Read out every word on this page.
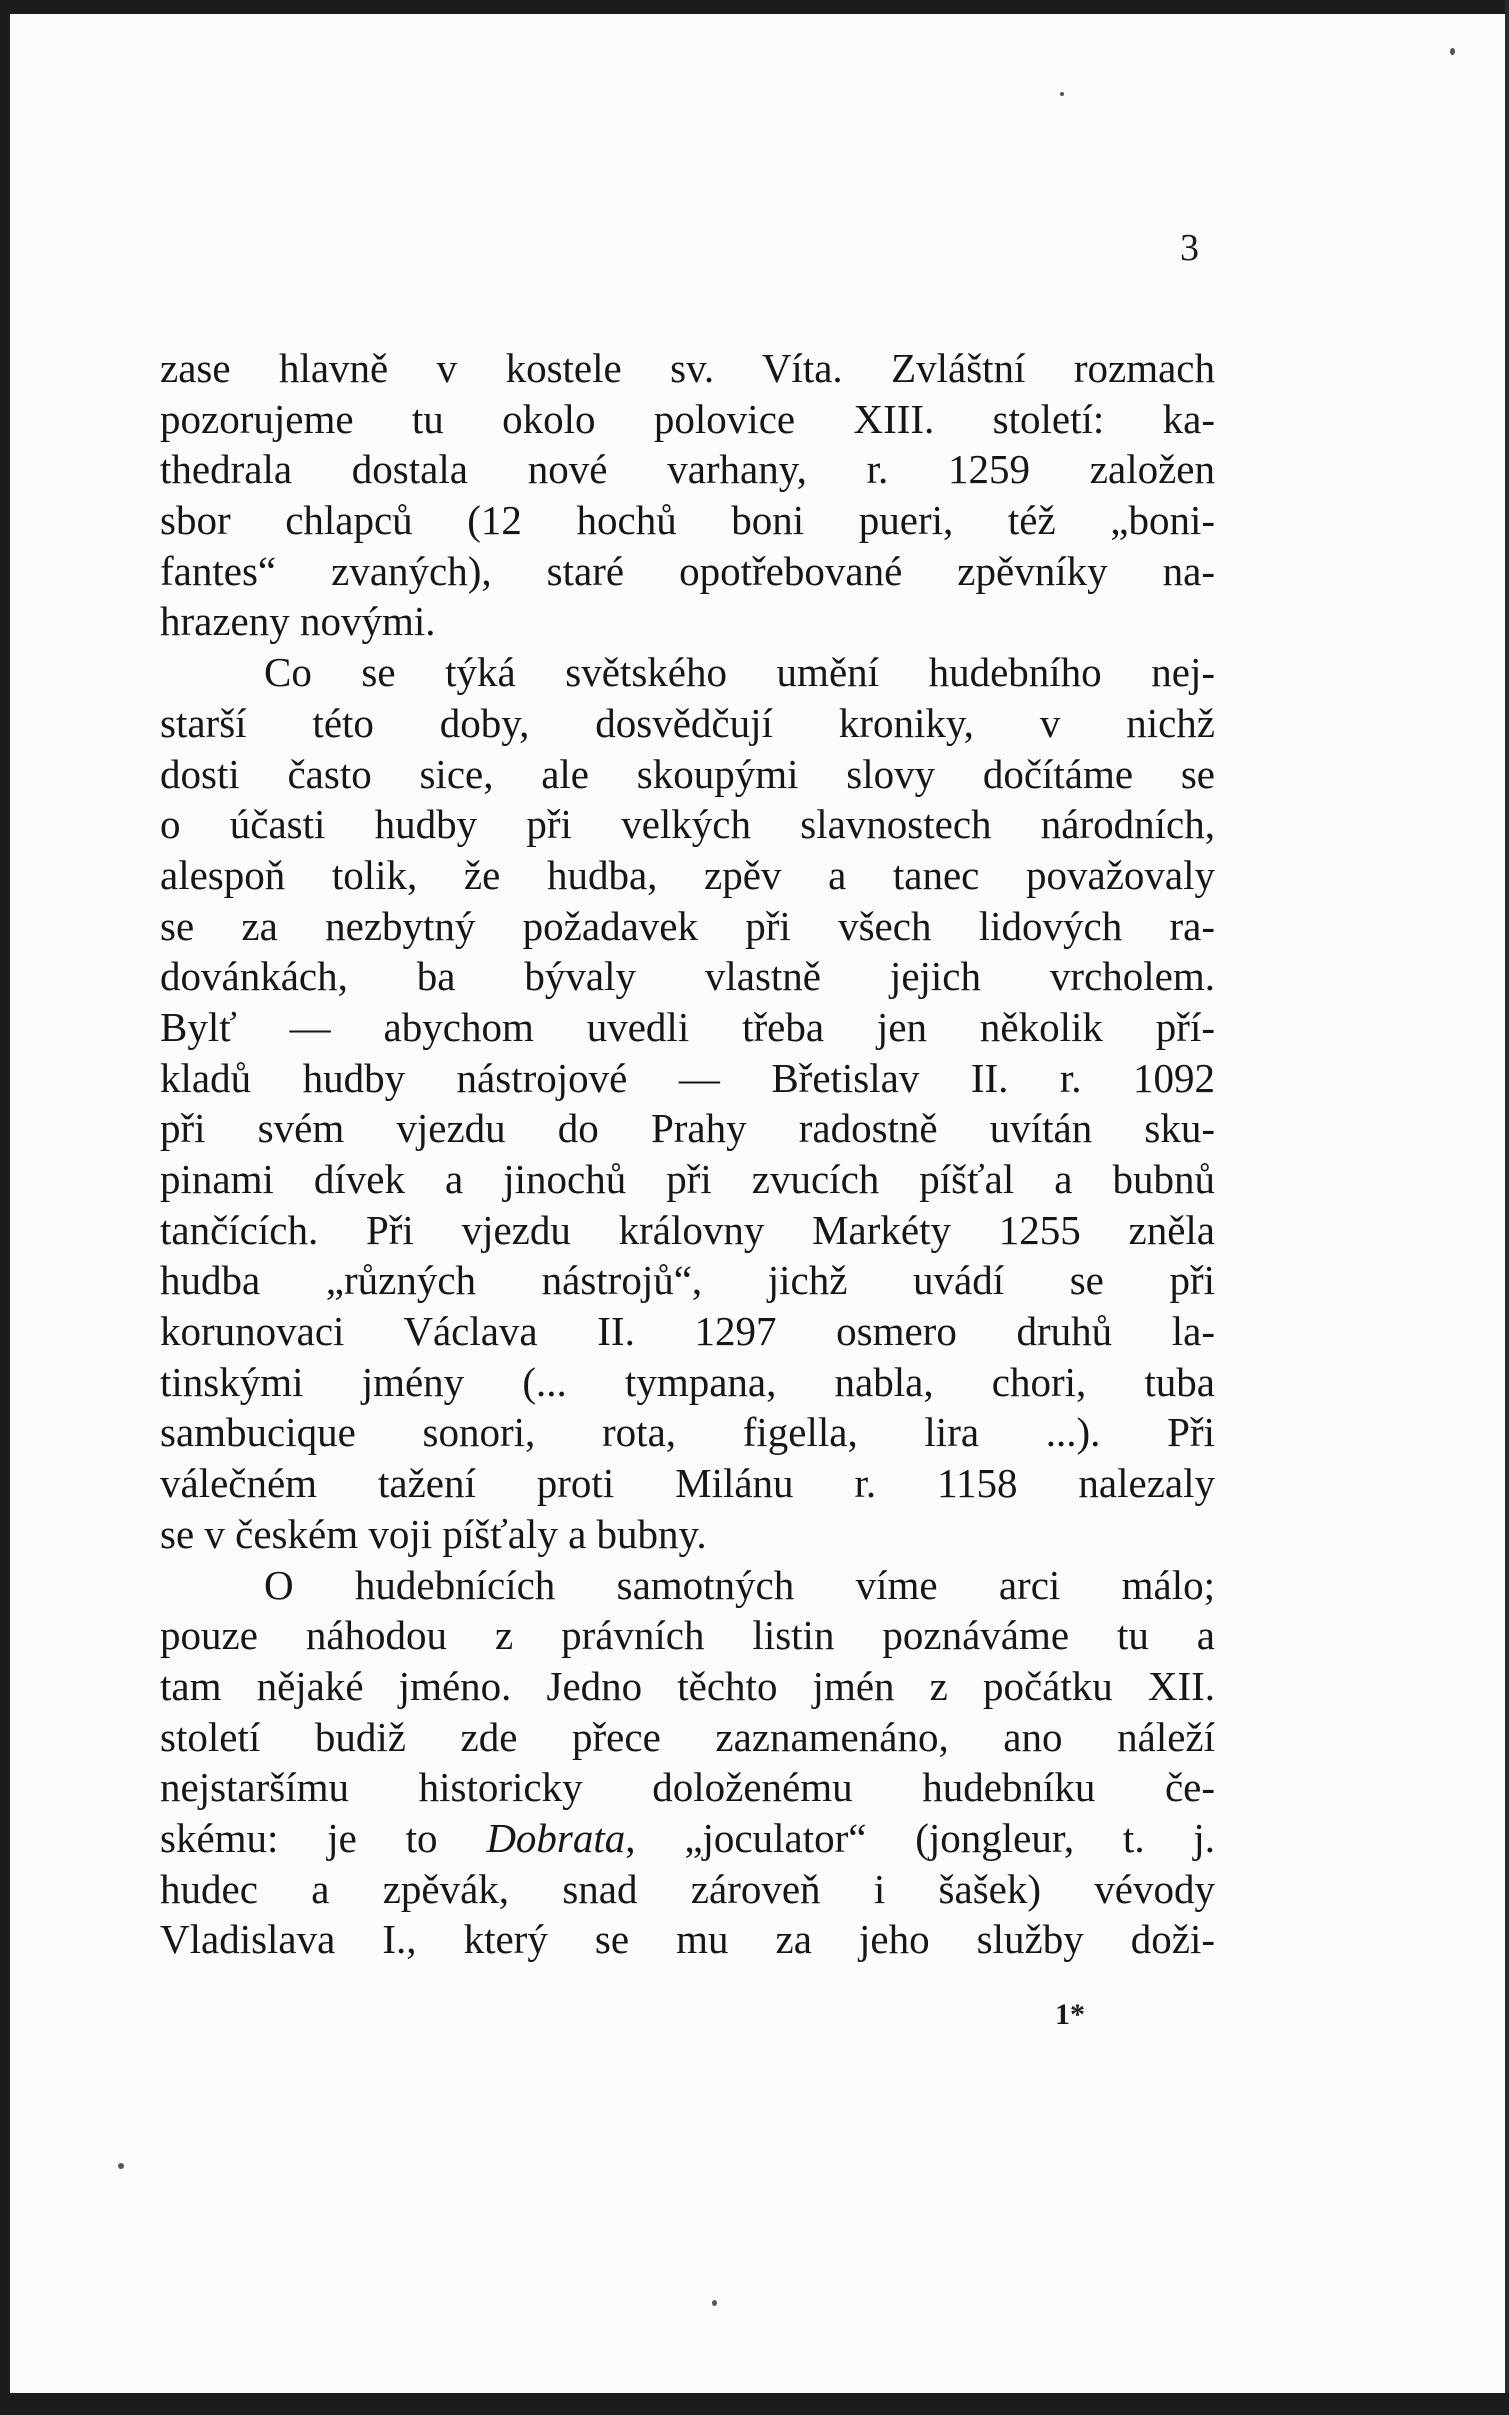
3
zase hlavně v kostele sv. Víta. Zvláštní rozmach
pozorujeme tu okolo polovice XIII. století: ka-
thedrala dostala nové varhany, r. 1259 založen
sbor chlapců (12 hochů boni pueri, též „boni-
fantes“ zvaných), staré opotřebované zpěvníky na-
hrazeny novými.
Co se týká světského umění hudebního nej-
starší této doby, dosvědčují kroniky, v nichž
dosti často sice, ale skoupými slovy dočítáme se
o účasti hudby při velkých slavnostech národních,
alespoň tolik, že hudba, zpěv a tanec považovaly
se za nezbytný požadavek při všech lidových ra-
dovánkách, ba bývaly vlastně jejich vrcholem.
Bylť — abychom uvedli třeba jen několik pří-
kladů hudby nástrojové — Břetislav II. r. 1092
při svém vjezdu do Prahy radostně uvítán sku-
pinami dívek a jinochů při zvucích píšťal a bubnů
tančících. Při vjezdu královny Markéty 1255 zněla
hudba „různých nástrojů“, jichž uvádí se při
korunovaci Václava II. 1297 osmero druhů la-
tinskými jmény (... tympana, nabla, chori, tuba
sambucique sonori, rota, figella, lira ...). Při
válečném tažení proti Milánu r. 1158 nalezaly
se v českém voji píšťaly a bubny.
O hudebnících samotných víme arci málo;
pouze náhodou z právních listin poznáváme tu a
tam nějaké jméno. Jedno těchto jmén z počátku XII.
století budiž zde přece zaznamenáno, ano náleží
nejstaršímu historicky doloženému hudebníku če-
skému: je to Dobrata, „joculator“ (jongleur, t. j.
hudec a zpěvák, snad zároveň i šašek) vévody
Vladislava I., který se mu za jeho služby doži-
1*
